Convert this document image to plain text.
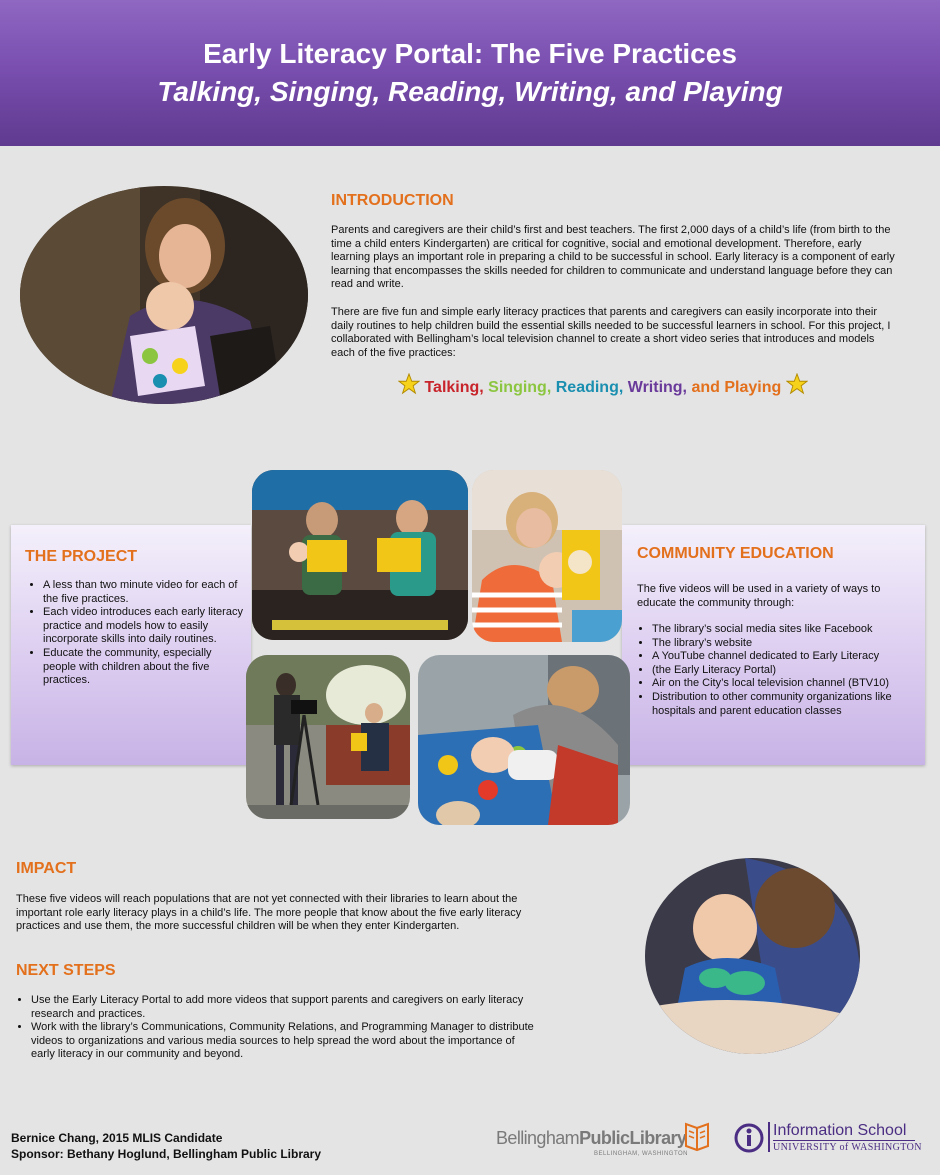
Early Literacy Portal: The Five Practices
Talking, Singing, Reading, Writing, and Playing
INTRODUCTION
Parents and caregivers are their child’s first and best teachers. The first 2,000 days of a child’s life (from birth to the time a child enters Kindergarten) are critical for cognitive, social and emotional development. Therefore, early learning plays an important role in preparing a child to be successful in school. Early literacy is a component of early learning that encompasses the skills needed for children to communicate and understand language before they can read and write.
There are five fun and simple early literacy practices that parents and caregivers can easily incorporate into their daily routines to help children build the essential skills needed to be successful learners in school. For this project, I collaborated with Bellingham’s local television channel to create a short video series that introduces and models each of the five practices:
Talking, Singing, Reading, Writing, and Playing
THE PROJECT
• A less than two minute video for each of the five practices.
• Each video introduces each early literacy practice and models how to easily incorporate skills into daily routines.
• Educate the community, especially people with children about the five practices.
COMMUNITY EDUCATION
The five videos will be used in a variety of ways to educate the community through:
• The library’s social media sites like Facebook
• The library’s website
• A YouTube channel dedicated to Early Literacy
• (the Early Literacy Portal)
• Air on the City’s local television channel (BTV10)
• Distribution to other community organizations like hospitals and parent education classes
IMPACT
These five videos will reach populations that are not yet connected with their libraries to learn about the important role early literacy plays in a child’s life. The more people that know about the five early literacy practices and use them, the more successful children will be when they enter Kindergarten.
NEXT STEPS
• Use the Early Literacy Portal to add more videos that support parents and caregivers on early literacy research and practices.
• Work with the library’s Communications, Community Relations, and Programming Manager to distribute videos to organizations and various media sources to help spread the word about the importance of early literacy in our community and beyond.
Bernice Chang, 2015 MLIS Candidate
Sponsor: Bethany Hoglund, Bellingham Public Library
BellinghamPublicLibrary
BELLINGHAM, WASHINGTON
Information School
UNIVERSITY of WASHINGTON
